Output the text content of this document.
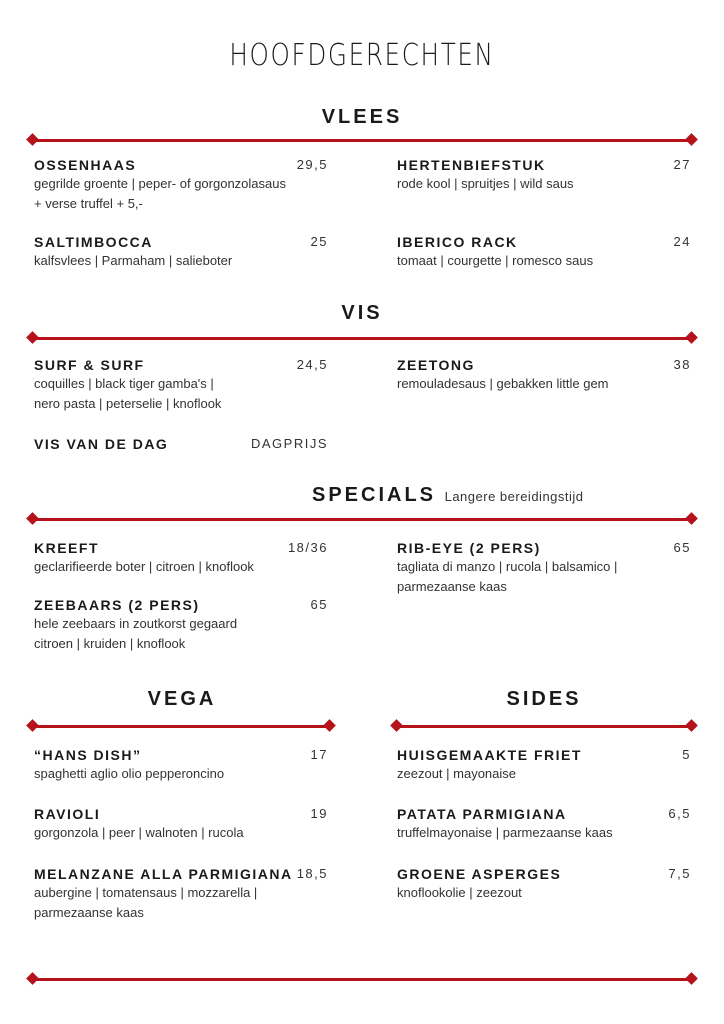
HOOFDGERECHTEN
VLEES
VIS
SPECIALS Langere bereidingstijd
VEGA	SIDES
OSSENHAAS	29,5
gegrilde groente | peper- of gorgonzolasaus
+ verse truffel + 5,-
HERTENBIEFSTUK	27
rode kool | spruitjes | wild saus
SALTIMBOCCA	25
kalfsvlees | Parmaham | salieboter
IBERICO RACK	24
tomaat | courgette | romesco saus
SURF & SURF	24,5
coquilles | black tiger gamba's |
nero pasta | peterselie | knoflook
ZEETONG	38
remouladesaus | gebakken little gem
VIS VAN DE DAG	DAGPRIJS
KREEFT	18/36
geclarifieerde boter | citroen | knoflook
RIB-EYE (2 PERS)	65
tagliata di manzo | rucola | balsamico |
parmezaanse kaas
ZEEBAARS (2 PERS)	65
hele zeebaars in zoutkorst gegaard
citroen | kruiden | knoflook
“HANS DISH”	17
spaghetti aglio olio pepperoncino
RAVIOLI	19
gorgonzola | peer | walnoten | rucola
MELANZANE ALLA PARMIGIANA 18,5
aubergine | tomatensaus | mozzarella |
parmezaanse kaas
HUISGEMAAKTE FRIET	5
zeezout | mayonaise
PATATA PARMIGIANA	6,5
truffelmayonaise | parmezaanse kaas
GROENE ASPERGES	7,5
knoflookolie | zeezout
